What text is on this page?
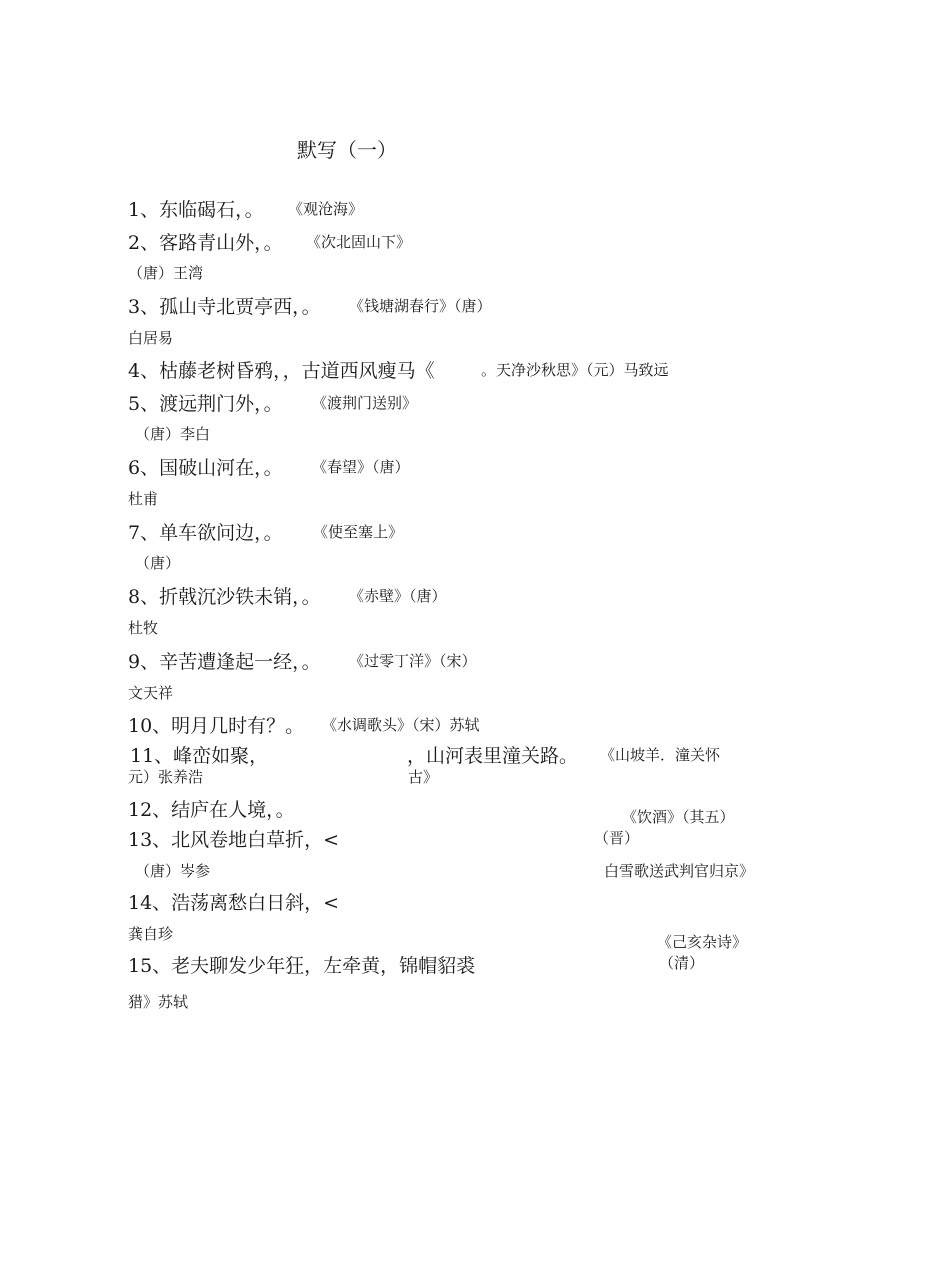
默写（一）
1、东临碣石，。 《观沧海》
2、客路青山外，。 《次北固山下》
（唐）王湾
3、孤山寺北贾亭西，。 《钱塘湖春行》（唐）
白居易
4、枯藤老树昏鸦，，古道西风瘦马《	。天净沙秋思》（元）马致远
5、渡远荆门外，。 《渡荆门送别》
（唐）李白
6、国破山河在，。 《春望》（唐）
杜甫
7、单车欲问边，。 《使至塞上》
（唐）
8、折戟沉沙铁未销，。 《赤壁》（唐）
杜牧
9、辛苦遭逢起一经，。 《过零丁洋》（宋）
文天祥
10、明月几时有？。 《水调歌头》（宋）苏轼
11、峰峦如聚，	，山河表里潼关路。 《山坡羊．潼关怀
古》
元）张养浩
12、结庐在人境，。	《饮酒》（其五）
13、北风卷地白草折，<	（晋）
（唐）岑参	白雪歌送武判官归京》
14、浩荡离愁白日斜，<
龚自珍	《己亥杂诗》
（清）
15、老夫聊发少年狂，左牵黄，锦帽貂裘
猎》苏轼
